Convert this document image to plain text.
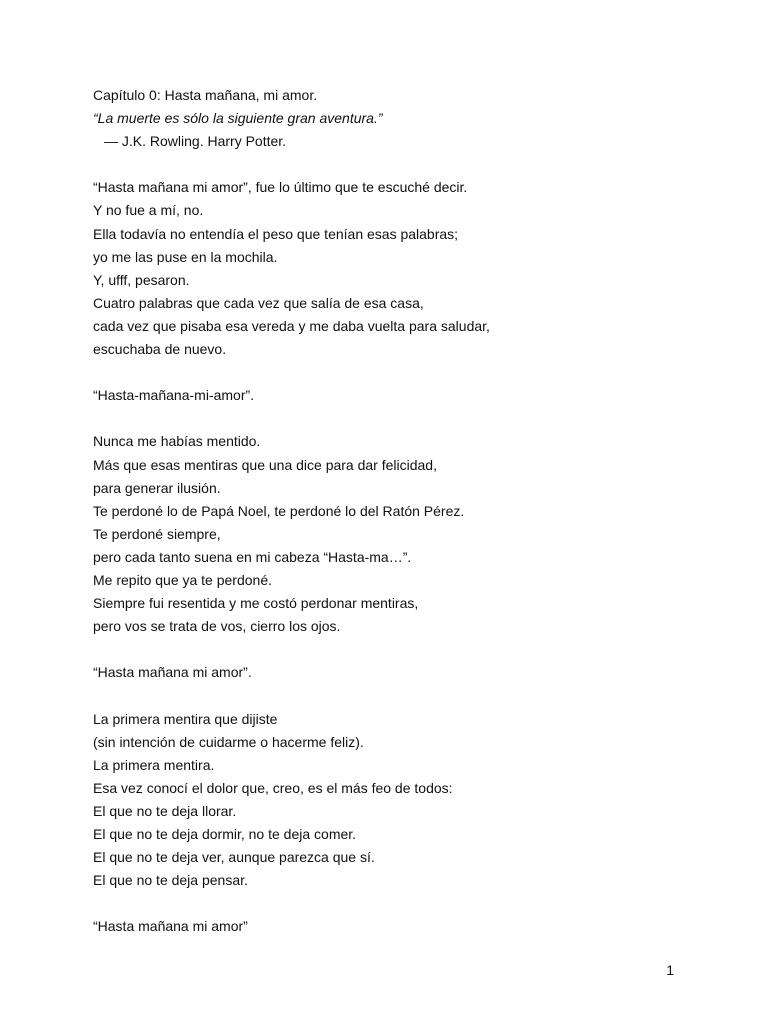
Capítulo 0: Hasta mañana, mi amor.
“La muerte es sólo la siguiente gran aventura.”
— J.K. Rowling. Harry Potter.
“Hasta mañana mi amor”, fue lo último que te escuché decir.
Y no fue a mí, no.
Ella todavía no entendía el peso que tenían esas palabras;
yo me las puse en la mochila.
Y, ufff, pesaron.
Cuatro palabras que cada vez que salía de esa casa,
cada vez que pisaba esa vereda y me daba vuelta para saludar,
escuchaba de nuevo.
“Hasta-mañana-mi-amor”.
Nunca me habías mentido.
Más que esas mentiras que una dice para dar felicidad,
para generar ilusión.
Te perdoné lo de Papá Noel, te perdoné lo del Ratón Pérez.
Te perdoné siempre,
pero cada tanto suena en mi cabeza “Hasta-ma…”.
Me repito que ya te perdoné.
Siempre fui resentida y me costó perdonar mentiras,
pero vos se trata de vos, cierro los ojos.
“Hasta mañana mi amor”.
La primera mentira que dijiste
(sin intención de cuidarme o hacerme feliz).
La primera mentira.
Esa vez conocí el dolor que, creo, es el más feo de todos:
El que no te deja llorar.
El que no te deja dormir, no te deja comer.
El que no te deja ver, aunque parezca que sí.
El que no te deja pensar.
“Hasta mañana mi amor”
1
